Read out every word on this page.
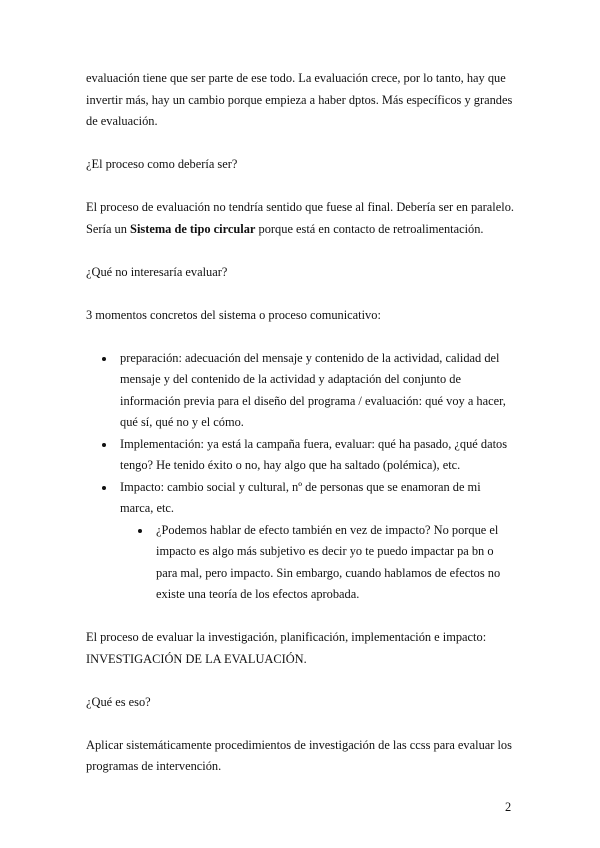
evaluación tiene que ser parte de ese todo. La evaluación crece, por lo tanto, hay que invertir más, hay un cambio porque empieza a haber dptos. Más específicos y grandes de evaluación.

¿El proceso como debería ser?

El proceso de evaluación no tendría sentido que fuese al final. Debería ser en paralelo. Sería un Sistema de tipo circular porque está en contacto de retroalimentación.

¿Qué no interesaría evaluar?

3 momentos concretos del sistema o proceso comunicativo:

preparación: adecuación del mensaje y contenido de la actividad, calidad del mensaje y del contenido de la actividad y adaptación del conjunto de información previa para el diseño del programa / evaluación: qué voy a hacer, qué sí, qué no y el cómo.
Implementación: ya está la campaña fuera, evaluar: qué ha pasado, ¿qué datos tengo? He tenido éxito o no, hay algo que ha saltado (polémica), etc.
Impacto: cambio social y cultural, nº de personas que se enamoran de mi marca, etc.
¿Podemos hablar de efecto también en vez de impacto? No porque el impacto es algo más subjetivo es decir yo te puedo impactar pa bn o para mal, pero impacto. Sin embargo, cuando hablamos de efectos no existe una teoría de los efectos aprobada.

El proceso de evaluar la investigación, planificación, implementación e impacto: INVESTIGACIÓN DE LA EVALUACIÓN.

¿Qué es eso?

Aplicar sistemáticamente procedimientos de investigación de las ccss para evaluar los programas de intervención.

2
